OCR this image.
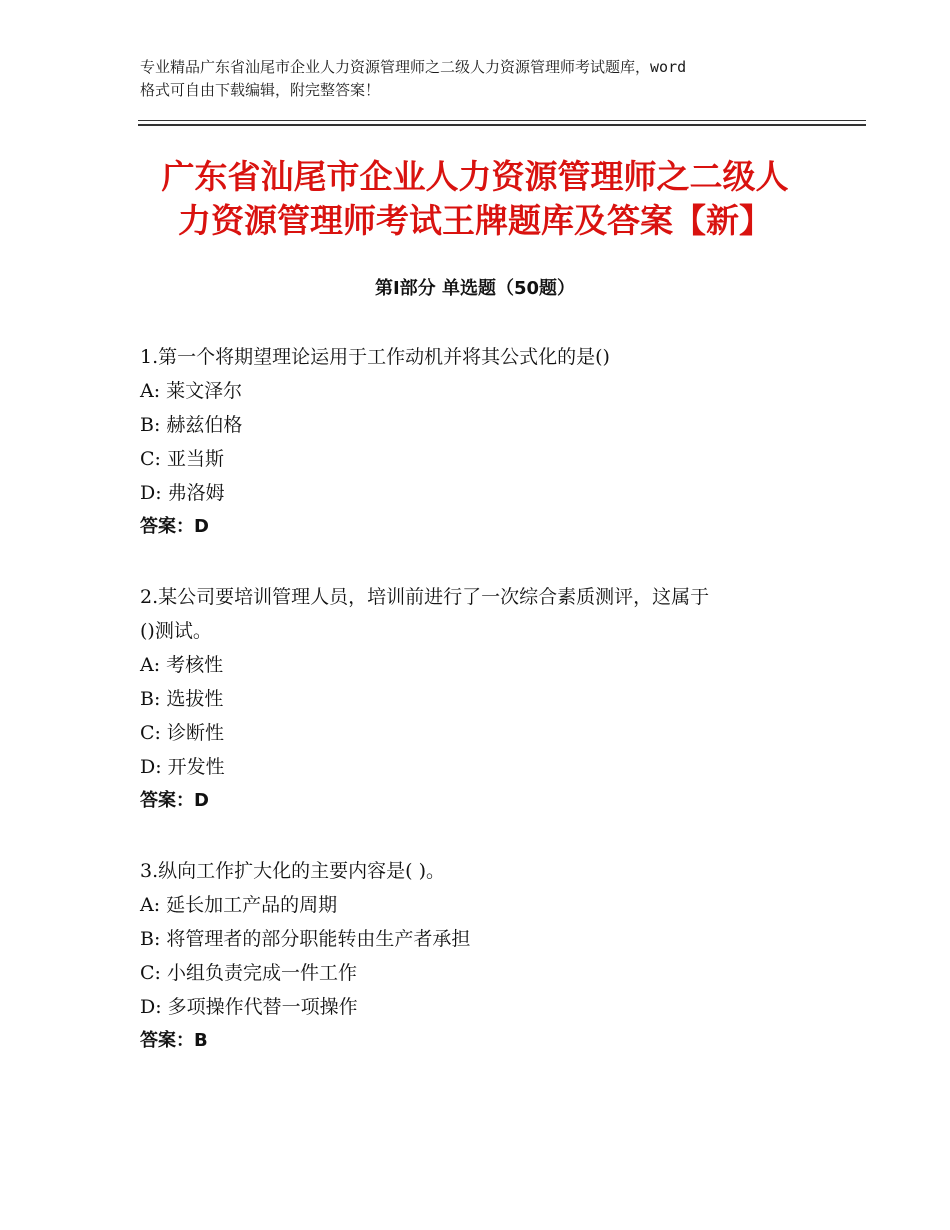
专业精品广东省汕尾市企业人力资源管理师之二级人力资源管理师考试题库，word
格式可自由下载编辑，附完整答案！
广东省汕尾市企业人力资源管理师之二级人
力资源管理师考试王牌题库及答案【新】
第Ⅰ部分 单选题（50题）

1.第一个将期望理论运用于工作动机并将其公式化的是()

A: 莱文泽尔

B: 赫兹伯格

C: 亚当斯

D: 弗洛姆

答案：D

2.某公司要培训管理人员，培训前进行了一次综合素质测评，这属于

()测试。

A: 考核性

B: 选拔性

C: 诊断性

D: 开发性

答案：D

3.纵向工作扩大化的主要内容是( )。

A: 延长加工产品的周期

B: 将管理者的部分职能转由生产者承担

C: 小组负责完成一件工作

D: 多项操作代替一项操作

答案：B
